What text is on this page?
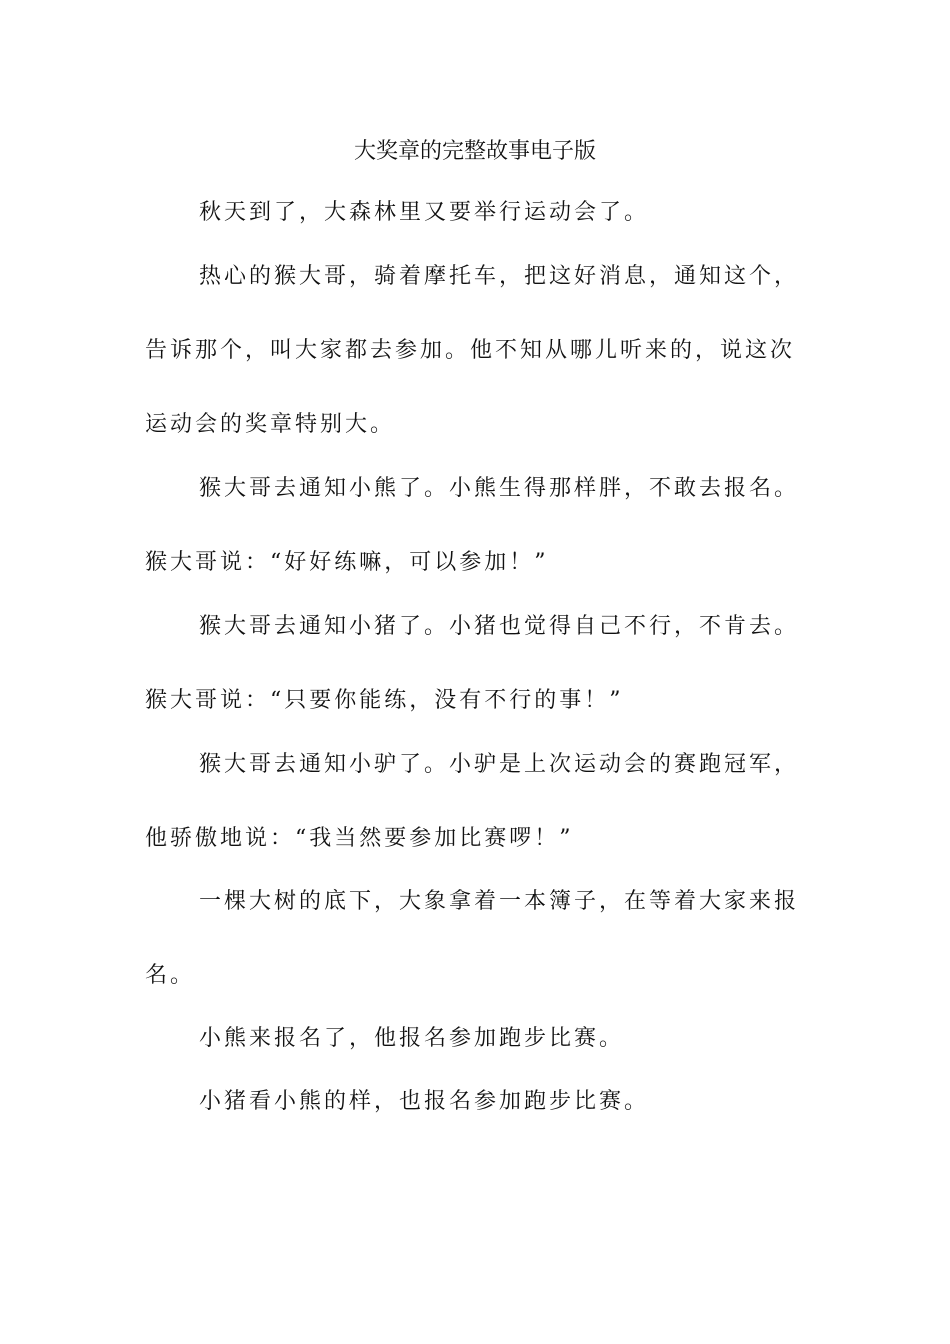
大奖章的完整故事电子版
秋天到了，大森林里又要举行运动会了。
热心的猴大哥，骑着摩托车，把这好消息，通知这个，
告诉那个，叫大家都去参加。他不知从哪儿听来的，说这次
运动会的奖章特别大。
猴大哥去通知小熊了。小熊生得那样胖，不敢去报名。
猴大哥说：“好好练嘛，可以参加！”
猴大哥去通知小猪了。小猪也觉得自己不行，不肯去。
猴大哥说：“只要你能练，没有不行的事！”
猴大哥去通知小驴了。小驴是上次运动会的赛跑冠军，
他骄傲地说：“我当然要参加比赛啰！”
一棵大树的底下，大象拿着一本簿子，在等着大家来报
名。
小熊来报名了，他报名参加跑步比赛。
小猪看小熊的样，也报名参加跑步比赛。
